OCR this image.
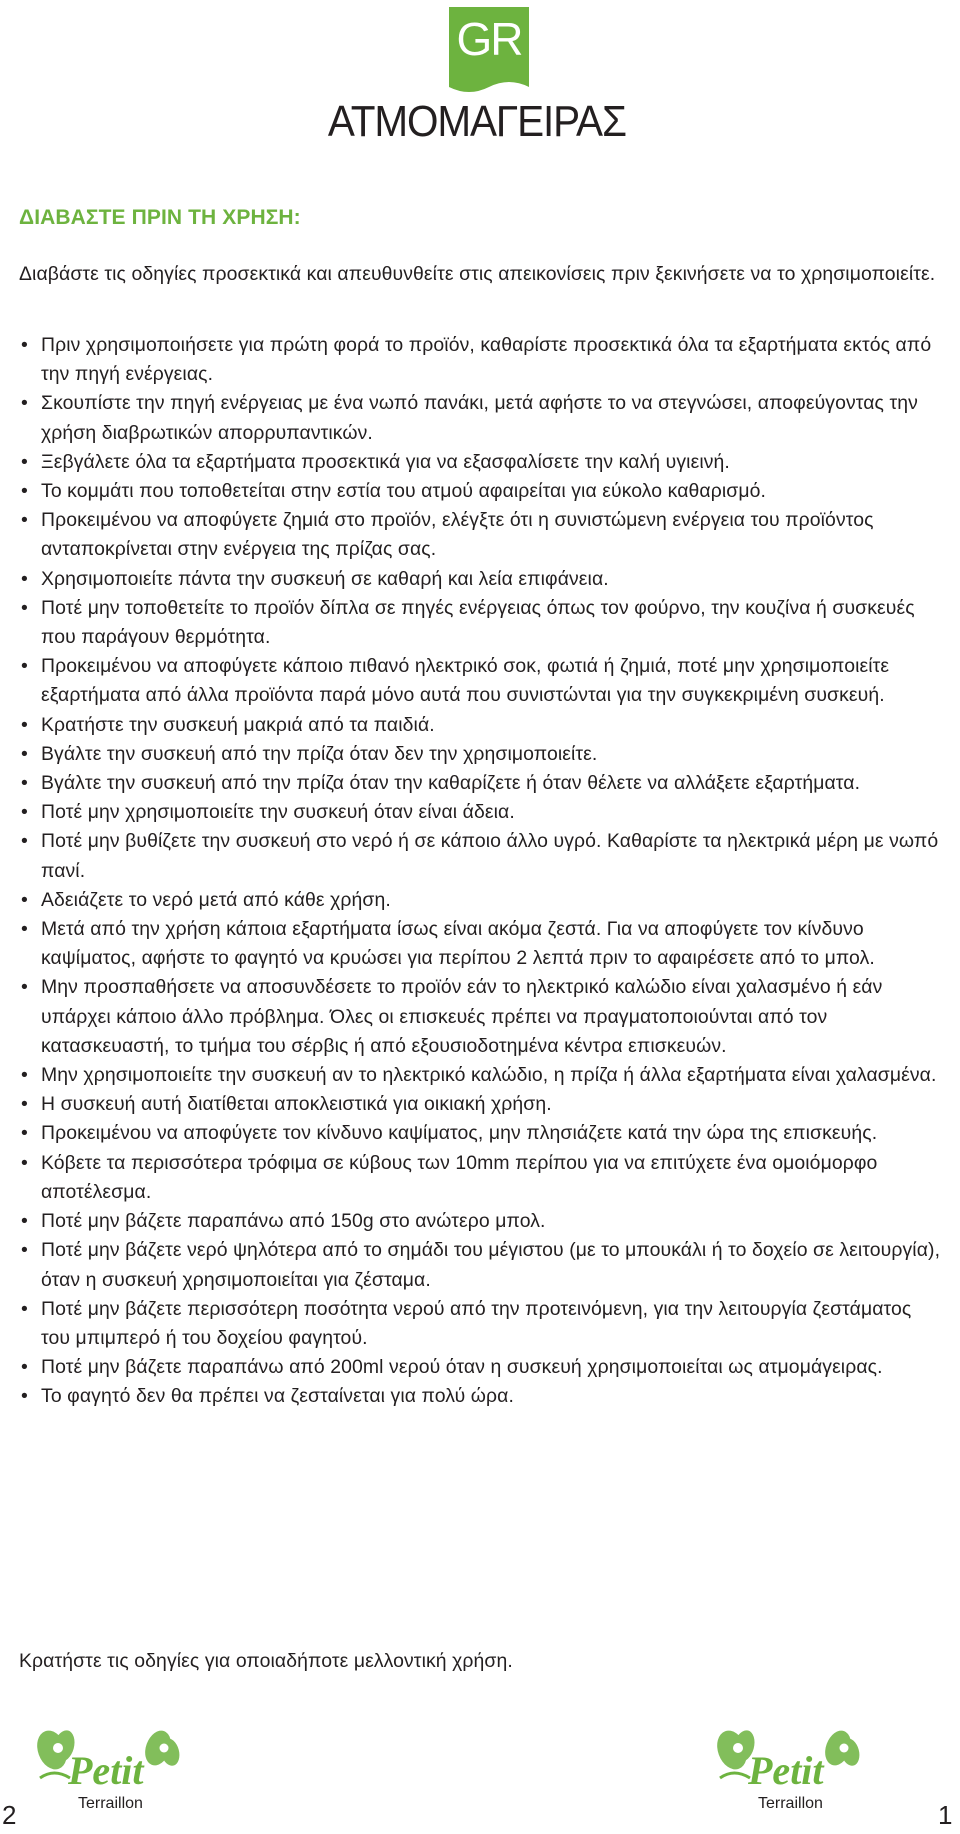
GR
ΑΤΜΟΜΑΓΕΙΡΑΣ
ΔΙΑΒΑΣΤΕ ΠΡΙΝ ΤΗ ΧΡΗΣΗ:
Διαβάστε τις οδηγίες προσεκτικά και απευθυνθείτε στις απεικονίσεις πριν ξεκινήσετε να το χρησιμοποιείτε.
• Πριν χρησιμοποιήσετε για πρώτη φορά το προϊόν, καθαρίστε προσεκτικά όλα τα εξαρτήματα εκτός από την πηγή ενέργειας.
• Σκουπίστε την πηγή ενέργειας με ένα νωπό πανάκι, μετά αφήστε το να στεγνώσει, αποφεύγοντας την χρήση διαβρωτικών απορρυπαντικών.
• Ξεβγάλετε όλα τα εξαρτήματα προσεκτικά για να εξασφαλίσετε την καλή υγιεινή.
• Το κομμάτι που τοποθετείται στην εστία του ατμού αφαιρείται για εύκολο καθαρισμό.
• Προκειμένου να αποφύγετε ζημιά στο προϊόν, ελέγξτε ότι η συνιστώμενη ενέργεια του προϊόντος ανταποκρίνεται στην ενέργεια της πρίζας σας.
• Χρησιμοποιείτε πάντα την συσκευή σε καθαρή και λεία επιφάνεια.
• Ποτέ μην τοποθετείτε το προϊόν δίπλα σε πηγές ενέργειας όπως τον φούρνο, την κουζίνα ή συσκευές που παράγουν θερμότητα.
• Προκειμένου να αποφύγετε κάποιο πιθανό ηλεκτρικό σοκ, φωτιά ή ζημιά, ποτέ μην χρησιμοποιείτε εξαρτήματα από άλλα προϊόντα παρά μόνο αυτά που συνιστώνται για την συγκεκριμένη συσκευή.
• Κρατήστε την συσκευή μακριά από τα παιδιά.
• Βγάλτε την συσκευή από την πρίζα όταν δεν την χρησιμοποιείτε.
• Βγάλτε την συσκευή από την πρίζα όταν την καθαρίζετε ή όταν θέλετε να αλλάξετε εξαρτήματα.
• Ποτέ μην χρησιμοποιείτε την συσκευή όταν είναι άδεια.
• Ποτέ μην βυθίζετε την συσκευή στο νερό ή σε κάποιο άλλο υγρό. Καθαρίστε τα ηλεκτρικά μέρη με νωπό πανί.
• Αδειάζετε το νερό μετά από κάθε χρήση.
• Μετά από την χρήση κάποια εξαρτήματα ίσως είναι ακόμα ζεστά. Για να αποφύγετε τον κίνδυνο καψίματος, αφήστε το φαγητό να κρυώσει για περίπου 2 λεπτά πριν το αφαιρέσετε από το μπολ.
• Μην προσπαθήσετε να αποσυνδέσετε το προϊόν εάν το ηλεκτρικό καλώδιο είναι χαλασμένο ή εάν υπάρχει κάποιο άλλο πρόβλημα. Όλες οι επισκευές πρέπει να πραγματοποιούνται από τον κατασκευαστή, το τμήμα του σέρβις ή από εξουσιοδοτημένα κέντρα επισκευών.
• Μην χρησιμοποιείτε την συσκευή αν το ηλεκτρικό καλώδιο, η πρίζα ή άλλα εξαρτήματα είναι χαλασμένα.
• Η συσκευή αυτή διατίθεται αποκλειστικά για οικιακή χρήση.
• Προκειμένου να αποφύγετε τον κίνδυνο καψίματος, μην πλησιάζετε κατά την ώρα της επισκευής.
• Κόβετε τα περισσότερα τρόφιμα σε κύβους των 10mm περίπου για να επιτύχετε ένα ομοιόμορφο αποτέλεσμα.
• Ποτέ μην βάζετε παραπάνω από 150g στο ανώτερο μπολ.
• Ποτέ μην βάζετε νερό ψηλότερα από το σημάδι του μέγιστου (με το μπουκάλι ή το δοχείο σε λειτουργία), όταν η συσκευή χρησιμοποιείται για ζέσταμα.
• Ποτέ μην βάζετε περισσότερη ποσότητα νερού από την προτεινόμενη, για την λειτουργία ζεστάματος του μπιμπερό ή του δοχείου φαγητού.
• Ποτέ μην βάζετε παραπάνω από 200ml νερού όταν η συσκευή χρησιμοποιείται ως ατμομάγειρας.
• Το φαγητό δεν θα πρέπει να ζεσταίνεται για πολύ ώρα.
Κρατήστε τις οδηγίες για οποιαδήποτε μελλοντική χρήση.
Petit
Terraillon
Petit
Terraillon
2	1
